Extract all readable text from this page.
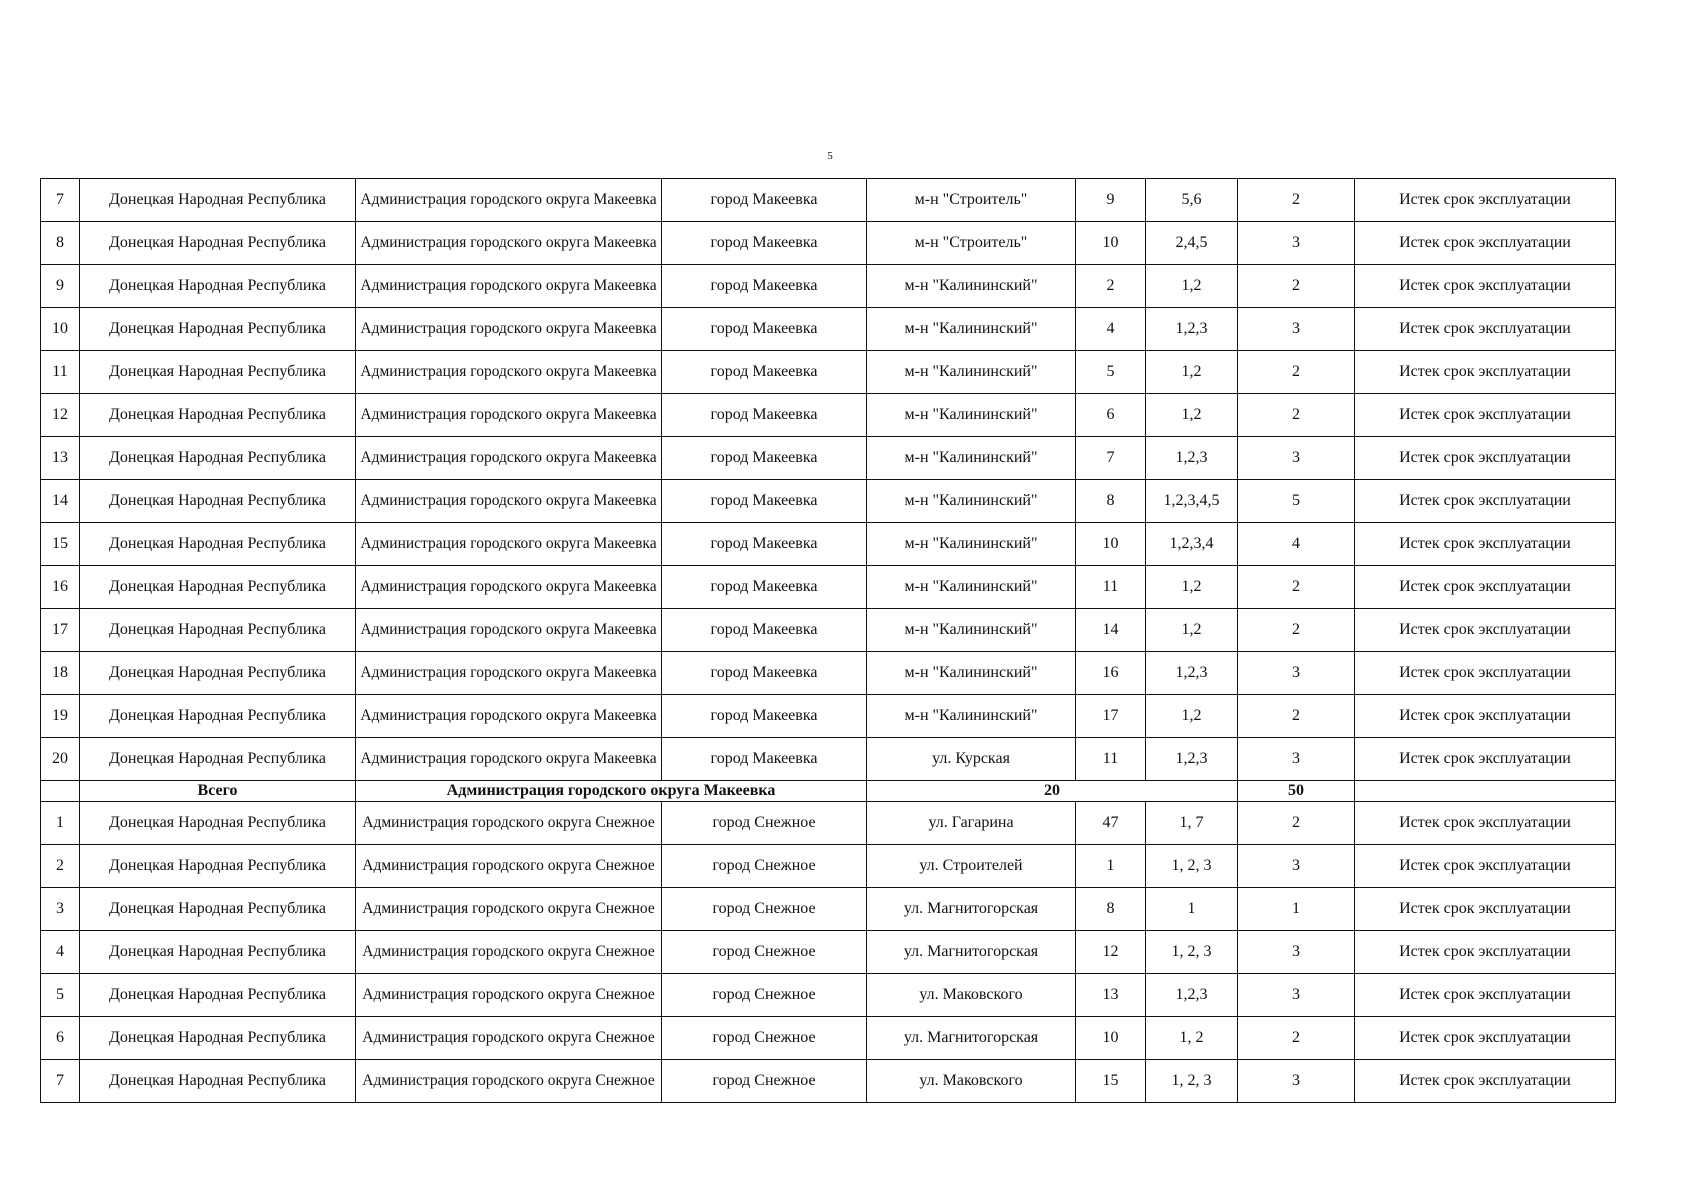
5
7	Донецкая Народная Республика	Администрация городского округа Макеевка	город Макеевка	м-н "Строитель"	9	5,6	2	Истек срок эксплуатации
8	Донецкая Народная Республика	Администрация городского округа Макеевка	город Макеевка	м-н "Строитель"	10	2,4,5	3	Истек срок эксплуатации
9	Донецкая Народная Республика	Администрация городского округа Макеевка	город Макеевка	м-н "Калининский"	2	1,2	2	Истек срок эксплуатации
10	Донецкая Народная Республика	Администрация городского округа Макеевка	город Макеевка	м-н "Калининский"	4	1,2,3	3	Истек срок эксплуатации
11	Донецкая Народная Республика	Администрация городского округа Макеевка	город Макеевка	м-н "Калининский"	5	1,2	2	Истек срок эксплуатации
12	Донецкая Народная Республика	Администрация городского округа Макеевка	город Макеевка	м-н "Калининский"	6	1,2	2	Истек срок эксплуатации
13	Донецкая Народная Республика	Администрация городского округа Макеевка	город Макеевка	м-н "Калининский"	7	1,2,3	3	Истек срок эксплуатации
14	Донецкая Народная Республика	Администрация городского округа Макеевка	город Макеевка	м-н "Калининский"	8	1,2,3,4,5	5	Истек срок эксплуатации
15	Донецкая Народная Республика	Администрация городского округа Макеевка	город Макеевка	м-н "Калининский"	10	1,2,3,4	4	Истек срок эксплуатации
16	Донецкая Народная Республика	Администрация городского округа Макеевка	город Макеевка	м-н "Калининский"	11	1,2	2	Истек срок эксплуатации
17	Донецкая Народная Республика	Администрация городского округа Макеевка	город Макеевка	м-н "Калининский"	14	1,2	2	Истек срок эксплуатации
18	Донецкая Народная Республика	Администрация городского округа Макеевка	город Макеевка	м-н "Калининский"	16	1,2,3	3	Истек срок эксплуатации
19	Донецкая Народная Республика	Администрация городского округа Макеевка	город Макеевка	м-н "Калининский"	17	1,2	2	Истек срок эксплуатации
20	Донецкая Народная Республика	Администрация городского округа Макеевка	город Макеевка	ул. Курская	11	1,2,3	3	Истек срок эксплуатации
	Всего	Администрация городского округа Макеевка		20			50	
1	Донецкая Народная Республика	Администрация городского округа Снежное	город Снежное	ул. Гагарина	47	1, 7	2	Истек срок эксплуатации
2	Донецкая Народная Республика	Администрация городского округа Снежное	город Снежное	ул. Строителей	1	1, 2, 3	3	Истек срок эксплуатации
3	Донецкая Народная Республика	Администрация городского округа Снежное	город Снежное	ул. Магнитогорская	8	1	1	Истек срок эксплуатации
4	Донецкая Народная Республика	Администрация городского округа Снежное	город Снежное	ул. Магнитогорская	12	1, 2, 3	3	Истек срок эксплуатации
5	Донецкая Народная Республика	Администрация городского округа Снежное	город Снежное	ул. Маковского	13	1,2,3	3	Истек срок эксплуатации
6	Донецкая Народная Республика	Администрация городского округа Снежное	город Снежное	ул. Магнитогорская	10	1, 2	2	Истек срок эксплуатации
7	Донецкая Народная Республика	Администрация городского округа Снежное	город Снежное	ул. Маковского	15	1, 2, 3	3	Истек срок эксплуатации
